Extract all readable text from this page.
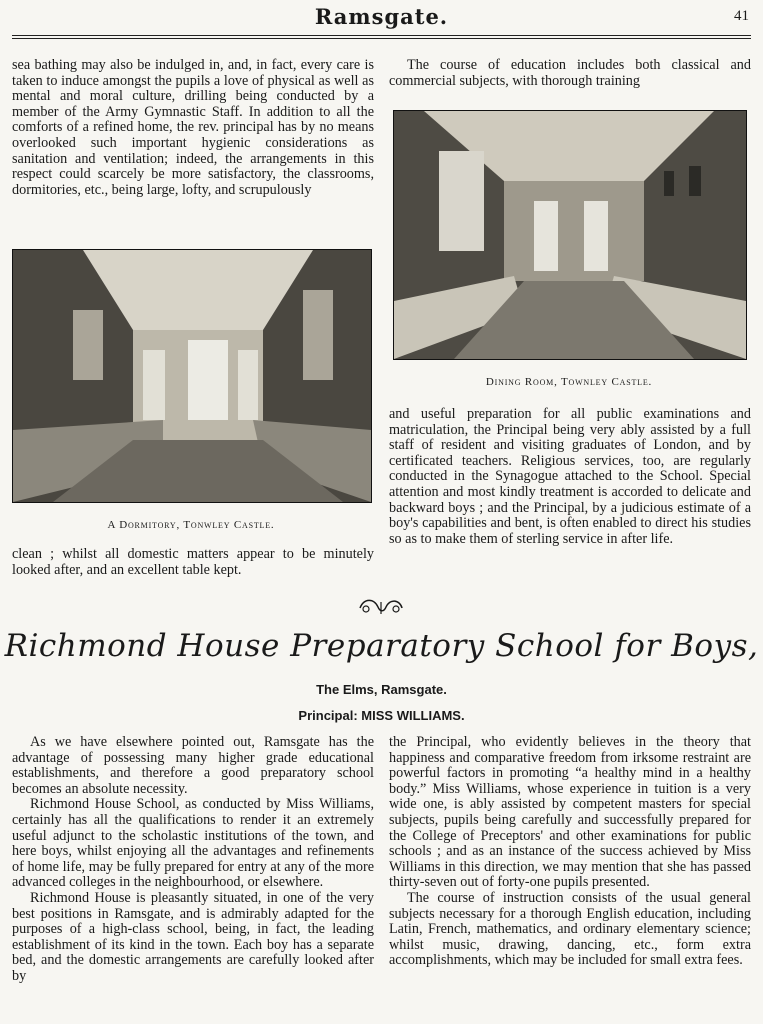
Ramsgate.	41

sea bathing may also be indulged in, and, in fact, every care is taken to induce amongst the pupils a love of physical as well as mental and moral culture, drilling being conducted by a member of the Army Gymnastic Staff. In addition to all the comforts of a refined home, the rev. principal has by no means overlooked such important hygienic considerations as sanitation and ventilation; indeed, the arrangements in this respect could scarcely be more satisfactory, the classrooms, dormitories, etc., being large, lofty, and scrupulously

A Dormitory, Tonwley Castle.

clean ; whilst all domestic matters appear to be minutely looked after, and an excellent table kept.

The course of education includes both classical and commercial subjects, with thorough training

Dining Room, Townley Castle.

and useful preparation for all public examinations and matriculation, the Principal being very ably assisted by a full staff of resident and visiting graduates of London, and by certificated teachers. Religious services, too, are regularly conducted in the Synagogue attached to the School. Special attention and most kindly treatment is accorded to delicate and backward boys ; and the Principal, by a judicious estimate of a boy's capabilities and bent, is often enabled to direct his studies so as to make them of sterling service in after life.

Richmond House Preparatory School for Boys,
The Elms, Ramsgate.
Principal: MISS WILLIAMS.

As we have elsewhere pointed out, Ramsgate has the advantage of possessing many higher grade educational establishments, and therefore a good preparatory school becomes an absolute necessity.

Richmond House School, as conducted by Miss Williams, certainly has all the qualifications to render it an extremely useful adjunct to the scholastic institutions of the town, and here boys, whilst enjoying all the advantages and refinements of home life, may be fully prepared for entry at any of the more advanced colleges in the neighbourhood, or elsewhere.

Richmond House is pleasantly situated, in one of the very best positions in Ramsgate, and is admirably adapted for the purposes of a high-class school, being, in fact, the leading establishment of its kind in the town. Each boy has a separate bed, and the domestic arrangements are carefully looked after by

the Principal, who evidently believes in the theory that happiness and comparative freedom from irksome restraint are powerful factors in promoting “a healthy mind in a healthy body.” Miss Williams, whose experience in tuition is a very wide one, is ably assisted by competent masters for special subjects, pupils being carefully and successfully prepared for the College of Preceptors' and other examinations for public schools ; and as an instance of the success achieved by Miss Williams in this direction, we may mention that she has passed thirty-seven out of forty-one pupils presented.

The course of instruction consists of the usual general subjects necessary for a thorough English education, including Latin, French, mathematics, and ordinary elementary science; whilst music, drawing, dancing, etc., form extra accomplishments, which may be included for small extra fees.
